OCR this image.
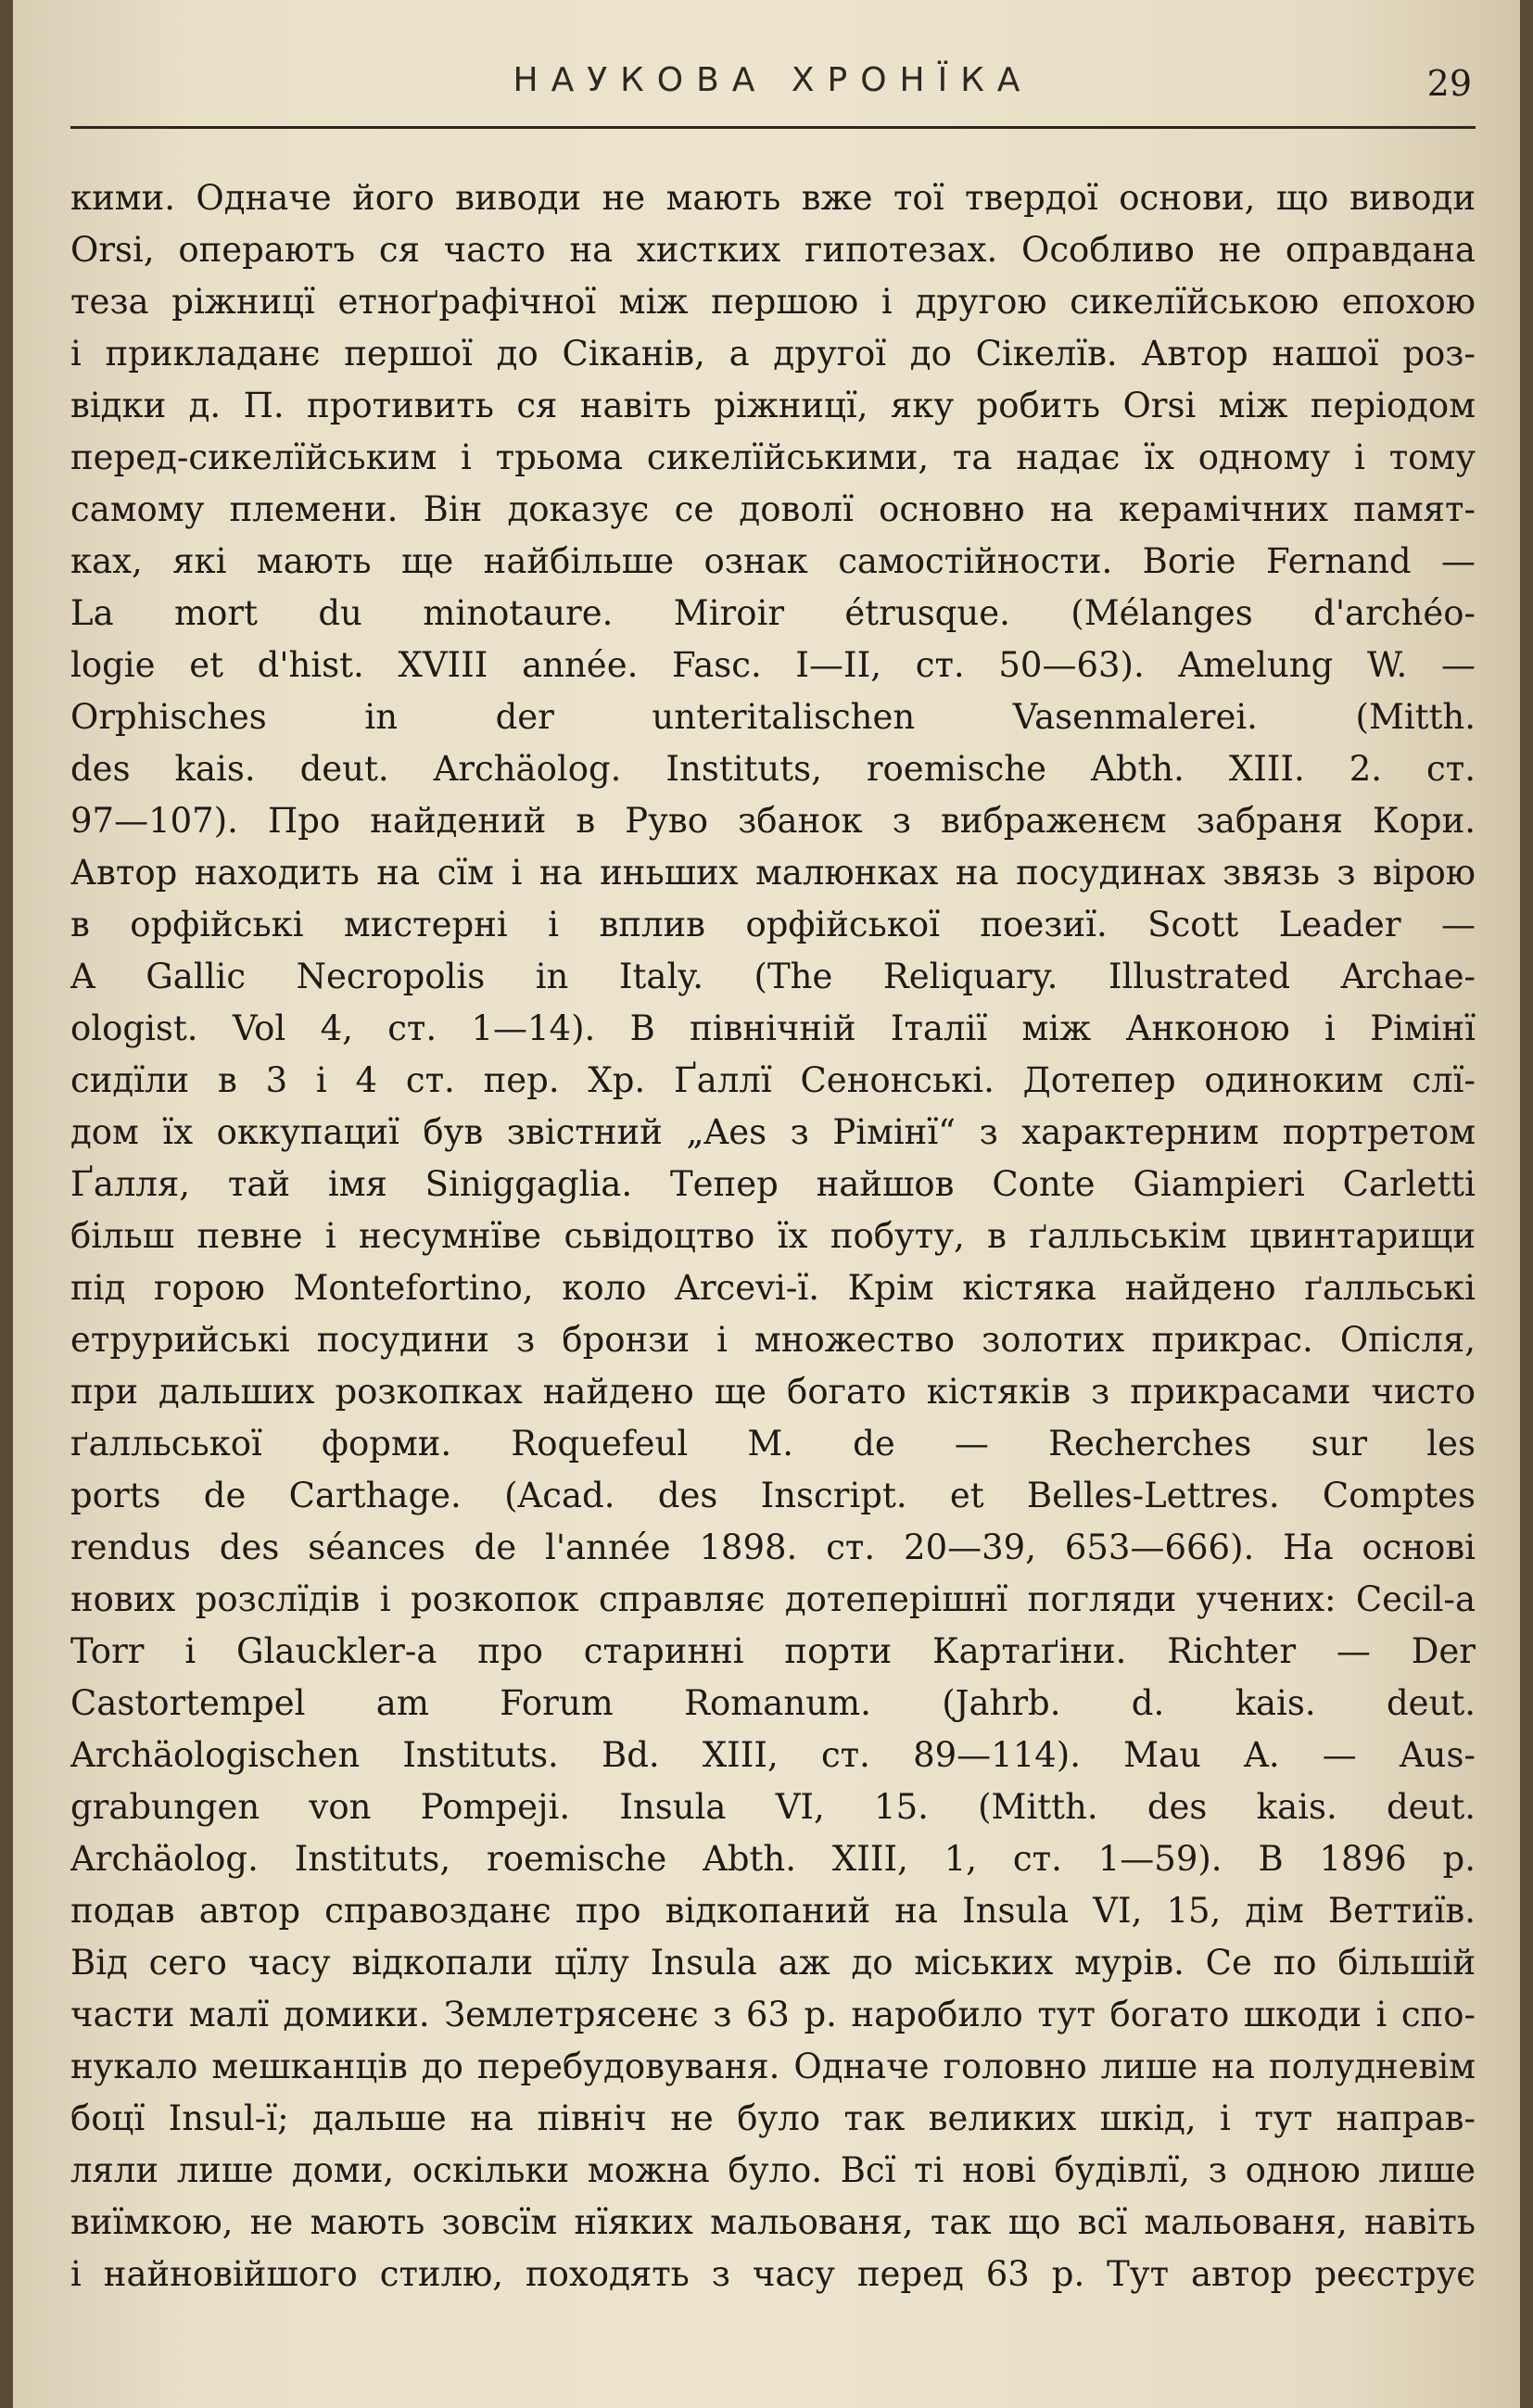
НАУКОВА ХРОНЇКА	29
кими. Одначе його виводи не мають вже тої твердої основи, що виводи
Orsi, операютъ ся часто на хистких гипотезах. Особливо не оправдана
теза ріжницї етноґрафічної між першою і другою сикелїйською епохою
і прикладанє першої до Сіканів, а другої до Сікелїв. Автор нашої роз-
відки д. П. противить ся навіть ріжницї, яку робить Orsi між періодом
перед-сикелїйським і трьома сикелїйськими, та надає їх одному і тому
самому племени. Він доказує се доволї основно на керамічних памят-
ках, які мають ще найбільше ознак самостійности. Borie Fernand —
La mort du minotaure. Miroir étrusque. (Mélanges d'archéo-
logie et d'hist. XVIII année. Fasc. I—II, ст. 50—63). Amelung W. —
Orphisches in der unteritalischen Vasenmalerei. (Mitth.
des kais. deut. Archäolog. Instituts, roemische Abth. XIII. 2. ст.
97—107). Про найдений в Руво збанок з вибраженєм забраня Кори.
Автор находить на сїм і на иньших малюнках на посудинах звязь з вірою
в орфійські мистерні і вплив орфійської поезиї. Scott Leader —
A Gallic Necropolis in Italy. (The Reliquary. Illustrated Archae-
ologist. Vol 4, ст. 1—14). В північній Італії між Анконою і Рімінї
сидїли в 3 і 4 ст. пер. Хр. Ґаллї Сенонські. Дотепер одиноким слї-
дом їх оккупациї був звістний „Aes з Рімінї“ з характерним портретом
Ґалля, тай імя Siniggaglia. Тепер найшов Conte Giampieri Carletti
більш певне і несумнїве сьвідоцтво їх побуту, в ґалльськім цвинтарищи
під горою Montefortino, коло Arcevi-ї. Крім кістяка найдено ґалльські
етрурийські посудини з бронзи і множество золотих прикрас. Опісля,
при дальших розкопках найдено ще богато кістяків з прикрасами чисто
ґалльської форми. Roquefeul M. de — Recherches sur les
ports de Carthage. (Acad. des Inscript. et Belles-Lettres. Comptes
rendus des séances de l'année 1898. ст. 20—39, 653—666). На основі
нових розслїдів і розкопок справляє дотеперішнї погляди учених: Cecil-а
Torr і Glauckler-а про старинні порти Картаґіни. Richter — Der
Castortempel am Forum Romanum. (Jahrb. d. kais. deut.
Archäologischen Instituts. Bd. XIII, ст. 89—114). Mau A. — Aus-
grabungen von Pompeji. Insula VI, 15. (Mitth. des kais. deut.
Archäolog. Instituts, roemische Abth. XIII, 1, ст. 1—59). В 1896 р.
подав автор справозданє про відкопаний на Insula VI, 15, дім Веттиїв.
Від сего часу відкопали цїлу Insula аж до міських мурів. Се по більшій
части малї домики. Землетрясенє з 63 р. наробило тут богато шкоди і спо-
нукало мешканців до перебудовуваня. Одначе головно лише на полудневім
боцї Insul-ї; дальше на північ не було так великих шкід, і тут направ-
ляли лише доми, оскільки можна було. Всї ті нові будівлї, з одною лише
виїмкою, не мають зовсїм нїяких мальованя, так що всї мальованя, навіть
і найновійшого стилю, походять з часу перед 63 р. Тут автор реєструє
